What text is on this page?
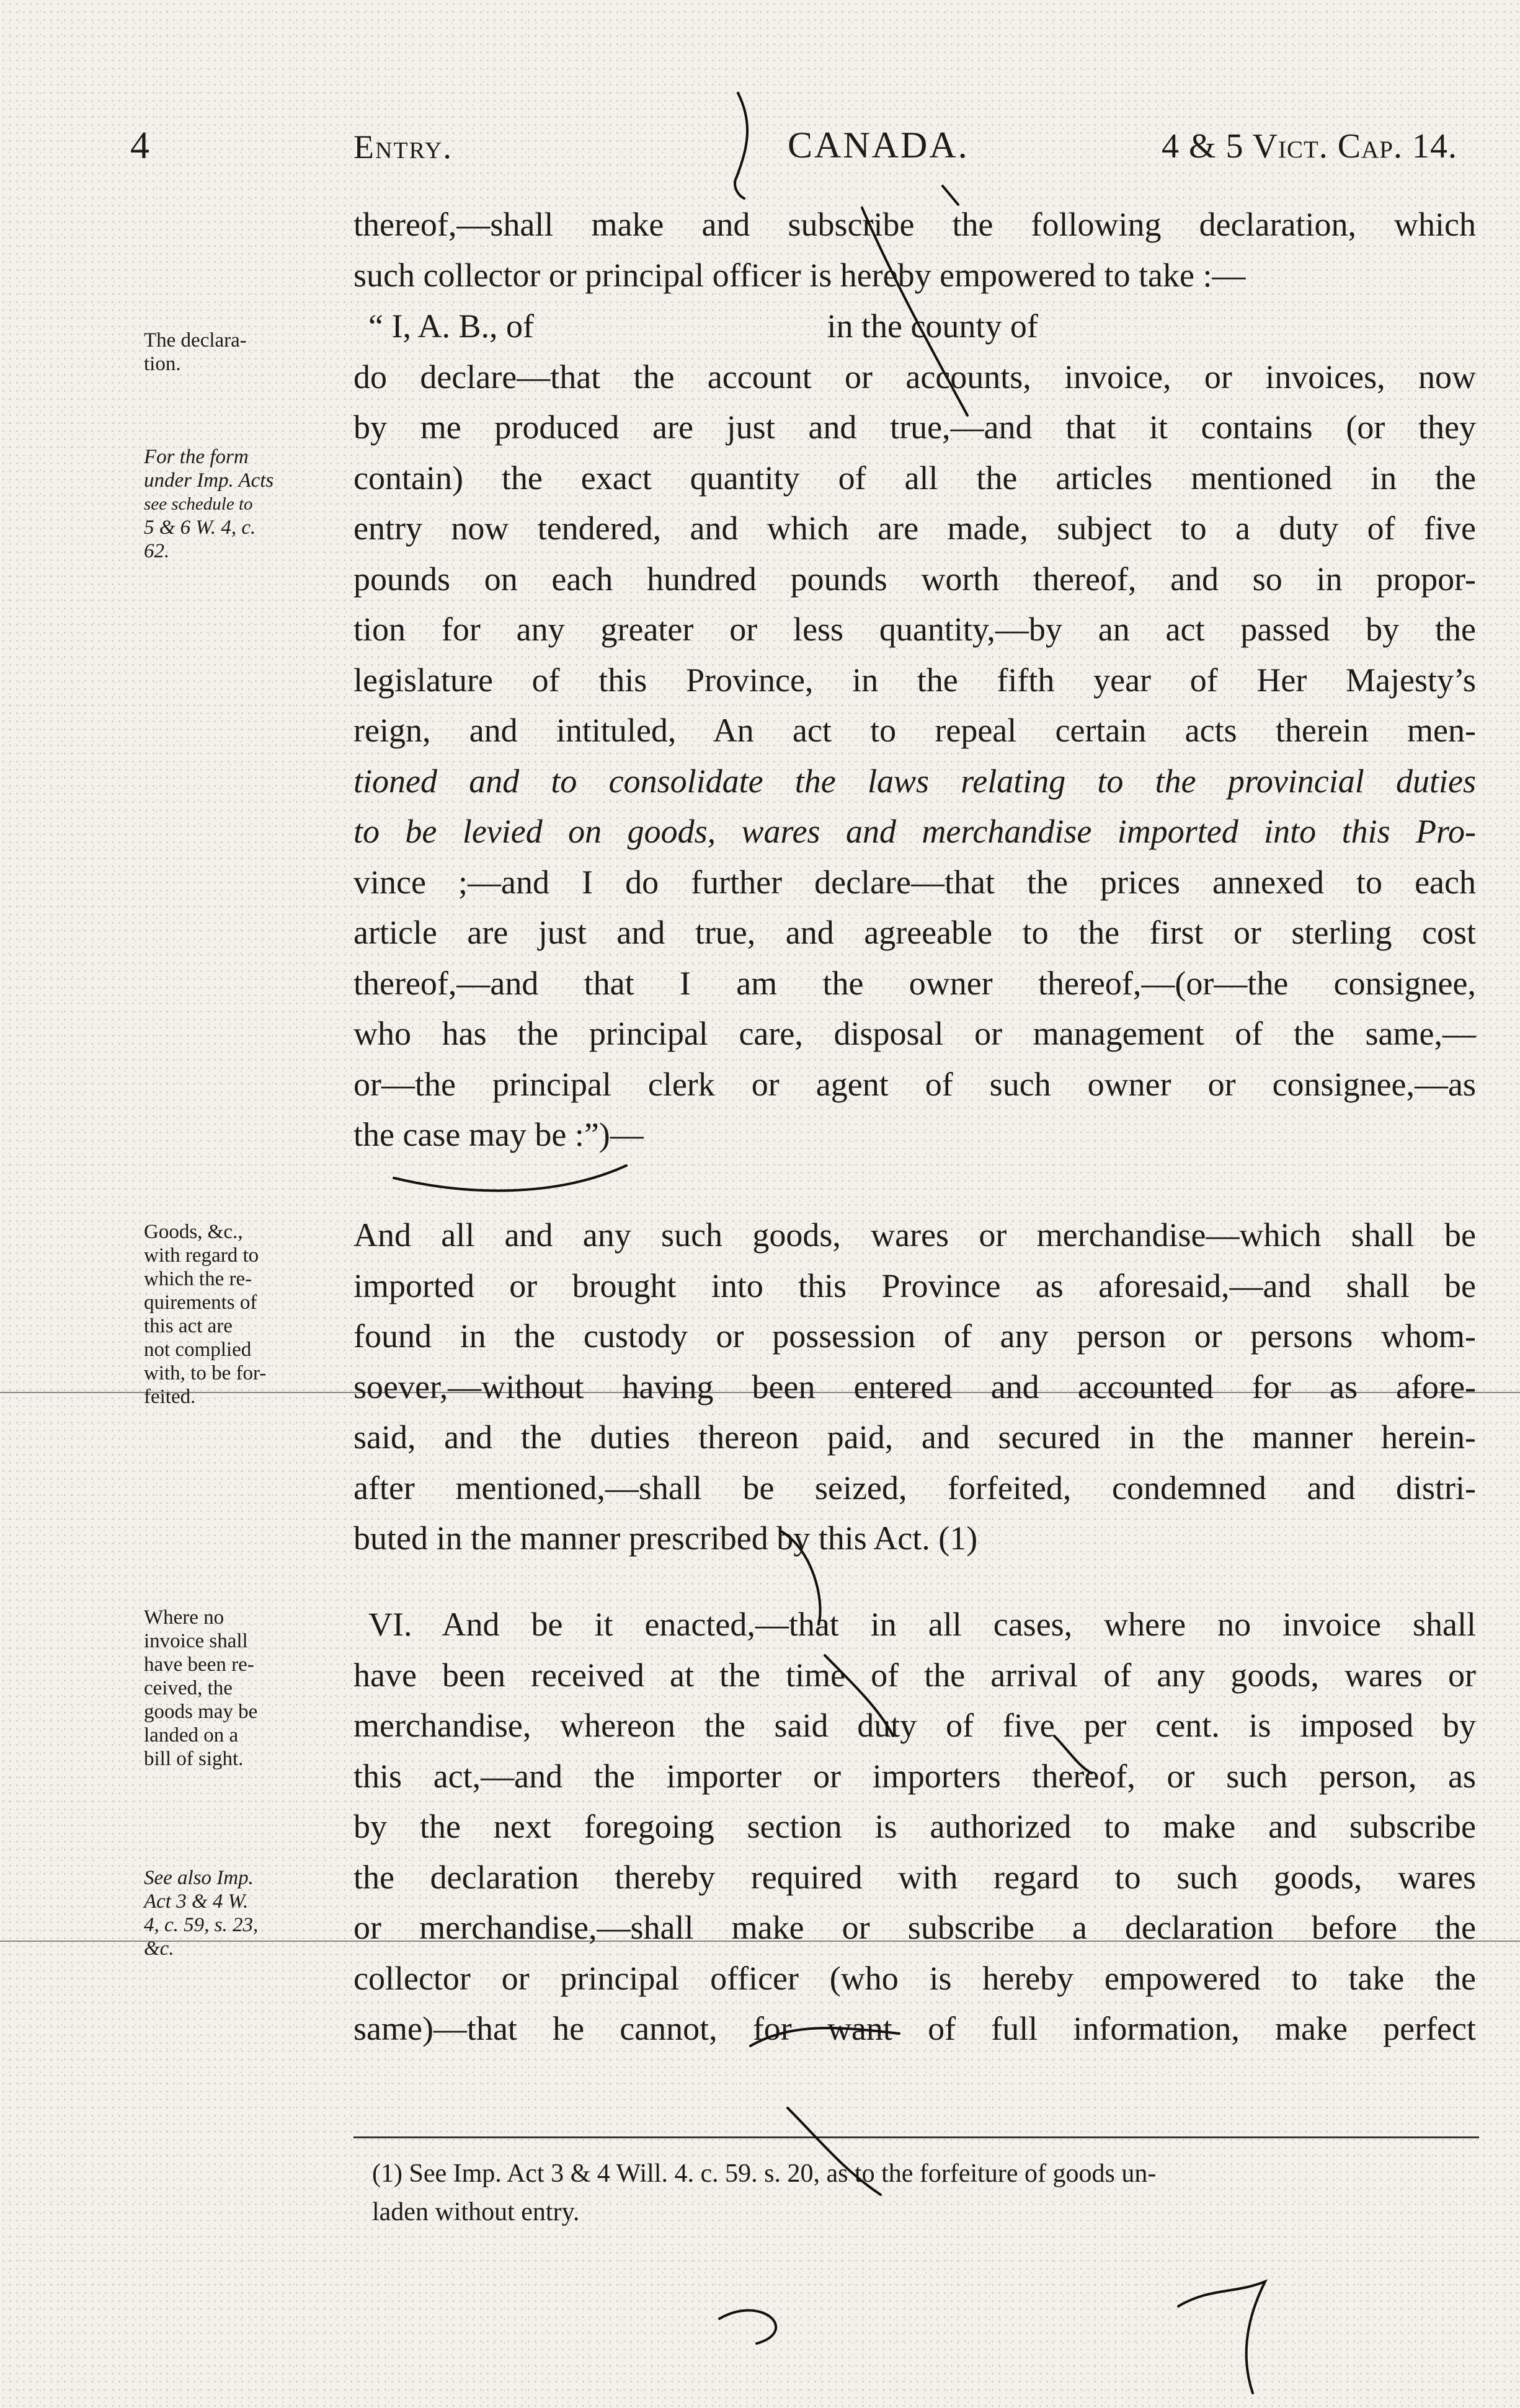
4	Entry.	CANADA.	4 & 5 Vict. Cap. 14.

thereof,—shall make and subscribe the following declaration, which

such collector or principal officer is hereby empowered to take :—

“ I, A. B., of                                   in the county of

do declare—that the account or accounts, invoice, or invoices, now

by me produced are just and true,—and that it contains (or they

contain) the exact quantity of all the articles mentioned in the

entry now tendered, and which are made, subject to a duty of five

pounds on each hundred pounds worth thereof, and so in propor-

tion for any greater or less quantity,—by an act passed by the

legislature of this Province, in the fifth year of Her Majesty’s

reign, and intituled, An act to repeal certain acts therein men-

tioned and to consolidate the laws relating to the provincial duties

to be levied on goods, wares and merchandise imported into this Pro-

vince ;—and I do further declare—that the prices annexed to each

article are just and true, and agreeable to the first or sterling cost

thereof,—and that I am the owner thereof,—(or—the consignee,

who has the principal care, disposal or management of the same,—

or—the principal clerk or agent of such owner or consignee,—as

the case may be :”)—

And all and any such goods, wares or merchandise—which shall be

imported or brought into this Province as aforesaid,—and shall be

found in the custody or possession of any person or persons whom-

soever,—without having been entered and accounted for as afore-

said, and the duties thereon paid, and secured in the manner herein-

after mentioned,—shall be seized, forfeited, condemned and distri-

buted in the manner prescribed by this Act. (1)

VI. And be it enacted,—that in all cases, where no invoice shall

have been received at the time of the arrival of any goods, wares or

merchandise, whereon the said duty of five per cent. is imposed by

this act,—and the importer or importers thereof, or such person, as

by the next foregoing section is authorized to make and subscribe

the declaration thereby required with regard to such goods, wares

or merchandise,—shall make or subscribe a declaration before the

collector or principal officer (who is hereby empowered to take the

same)—that he cannot, for want of full information, make perfect

The declara-
tion.
For the form
under Imp. Acts
see schedule to
5 & 6 W. 4, c.
62.
Goods, &c.,
with regard to
which the re-
quirements of
this act are
not complied
with, to be for-
feited.
Where no
invoice shall
have been re-
ceived, the
goods may be
landed on a
bill of sight.
See also Imp.
Act 3 & 4 W.
4, c. 59, s. 23,
&c.
(1) See Imp. Act 3 & 4 Will. 4. c. 59. s. 20, as to the forfeiture of goods un-
laden without entry.
